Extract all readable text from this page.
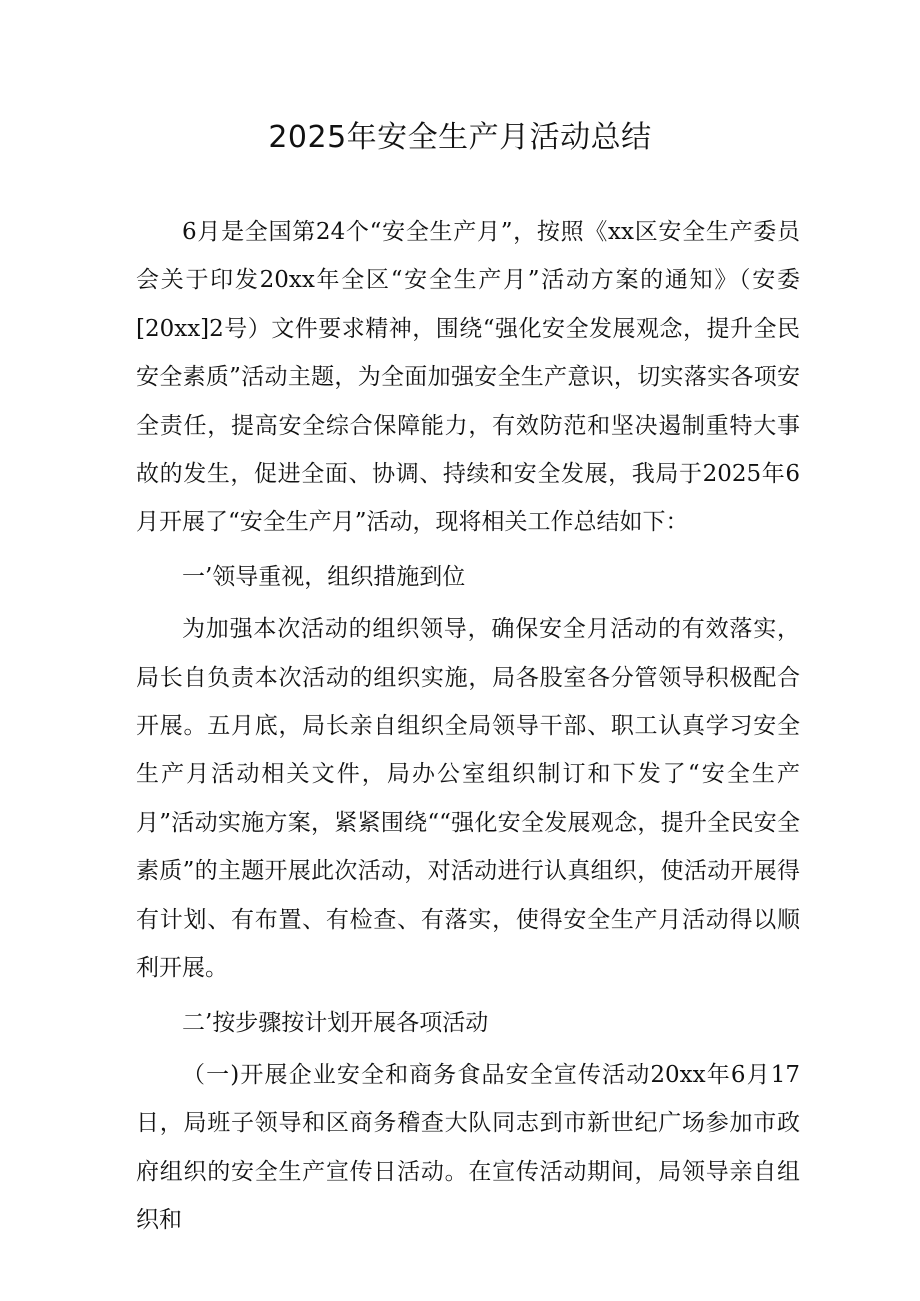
2025年安全生产月活动总结

6月是全国第24个“安全生产月”，按照《xx区安全生产委员会关于印发20xx年全区“安全生产月”活动方案的通知》（安委[20xx]2号）文件要求精神，围绕“强化安全发展观念，提升全民安全素质”活动主题，为全面加强安全生产意识，切实落实各项安全责任，提高安全综合保障能力，有效防范和坚决遏制重特大事故的发生，促进全面、协调、持续和安全发展，我局于2025年6月开展了“安全生产月”活动，现将相关工作总结如下：

一’领导重视，组织措施到位

为加强本次活动的组织领导，确保安全月活动的有效落实，局长自负责本次活动的组织实施，局各股室各分管领导积极配合开展。五月底，局长亲自组织全局领导干部、职工认真学习安全生产月活动相关文件，局办公室组织制订和下发了“安全生产月”活动实施方案，紧紧围绕““强化安全发展观念，提升全民安全素质”的主题开展此次活动，对活动进行认真组织，使活动开展得有计划、有布置、有检查、有落实，使得安全生产月活动得以顺利开展。

二’按步骤按计划开展各项活动

（一)开展企业安全和商务食品安全宣传活动20xx年6月17日，局班子领导和区商务稽查大队同志到市新世纪广场参加市政府组织的安全生产宣传日活动。在宣传活动期间，局领导亲自组织和
